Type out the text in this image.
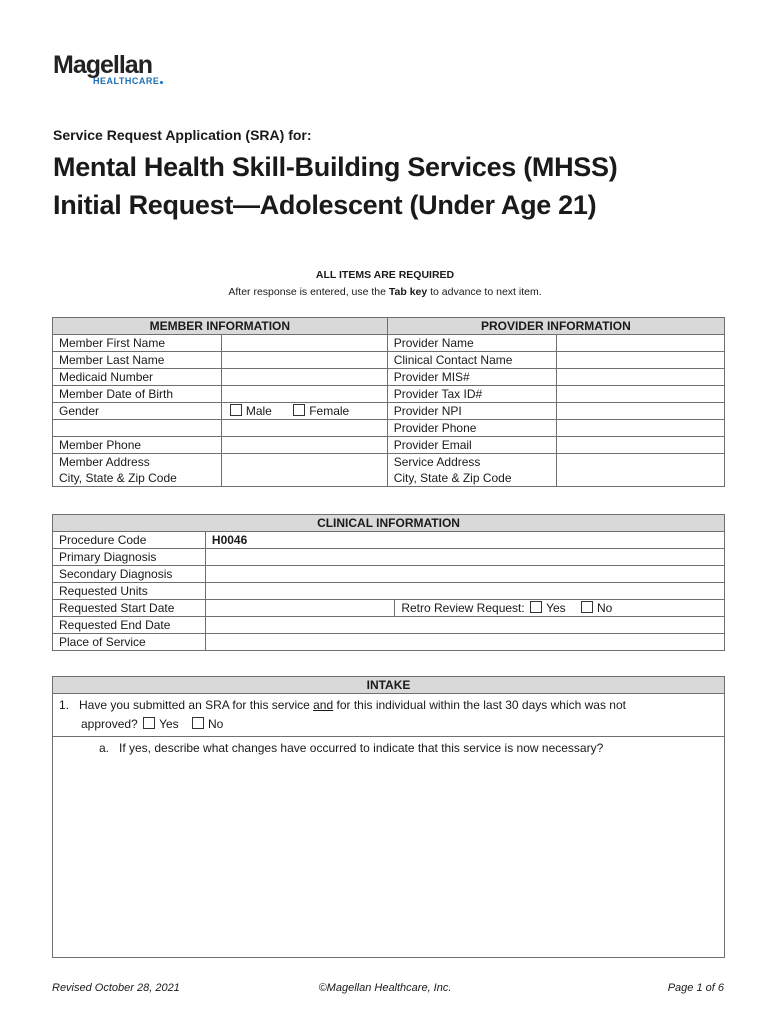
Magellan
HEALTHCARE
Service Request Application (SRA) for:
Mental Health Skill-Building Services (MHSS)
Initial Request—Adolescent (Under Age 21)
ALL ITEMS ARE REQUIRED
After response is entered, use the Tab key to advance to next item.
MEMBER INFORMATION		PROVIDER INFORMATION	
Member First Name		Provider Name	
Member Last Name		Clinical Contact Name	
Medicaid Number		Provider MIS#	
Member Date of Birth		Provider Tax ID#	
Gender	Male Female	Provider NPI	
		Provider Phone	
Member Phone		Provider Email	
Member Address		Service Address	
City, State & Zip Code		City, State & Zip Code	
CLINICAL INFORMATION		
Procedure Code	H0046	
Primary Diagnosis		
Secondary Diagnosis		
Requested Units		
Requested Start Date		Retro Review Request: Yes No
Requested End Date		
Place of Service		
INTAKE

1.   Have you submitted an SRA for this service and for this individual within the last 30 days which was not
approved? Yes No

a.   If yes, describe what changes have occurred to indicate that this service is now necessary?
Revised October 28, 2021	©Magellan Healthcare, Inc.	Page 1 of 6
